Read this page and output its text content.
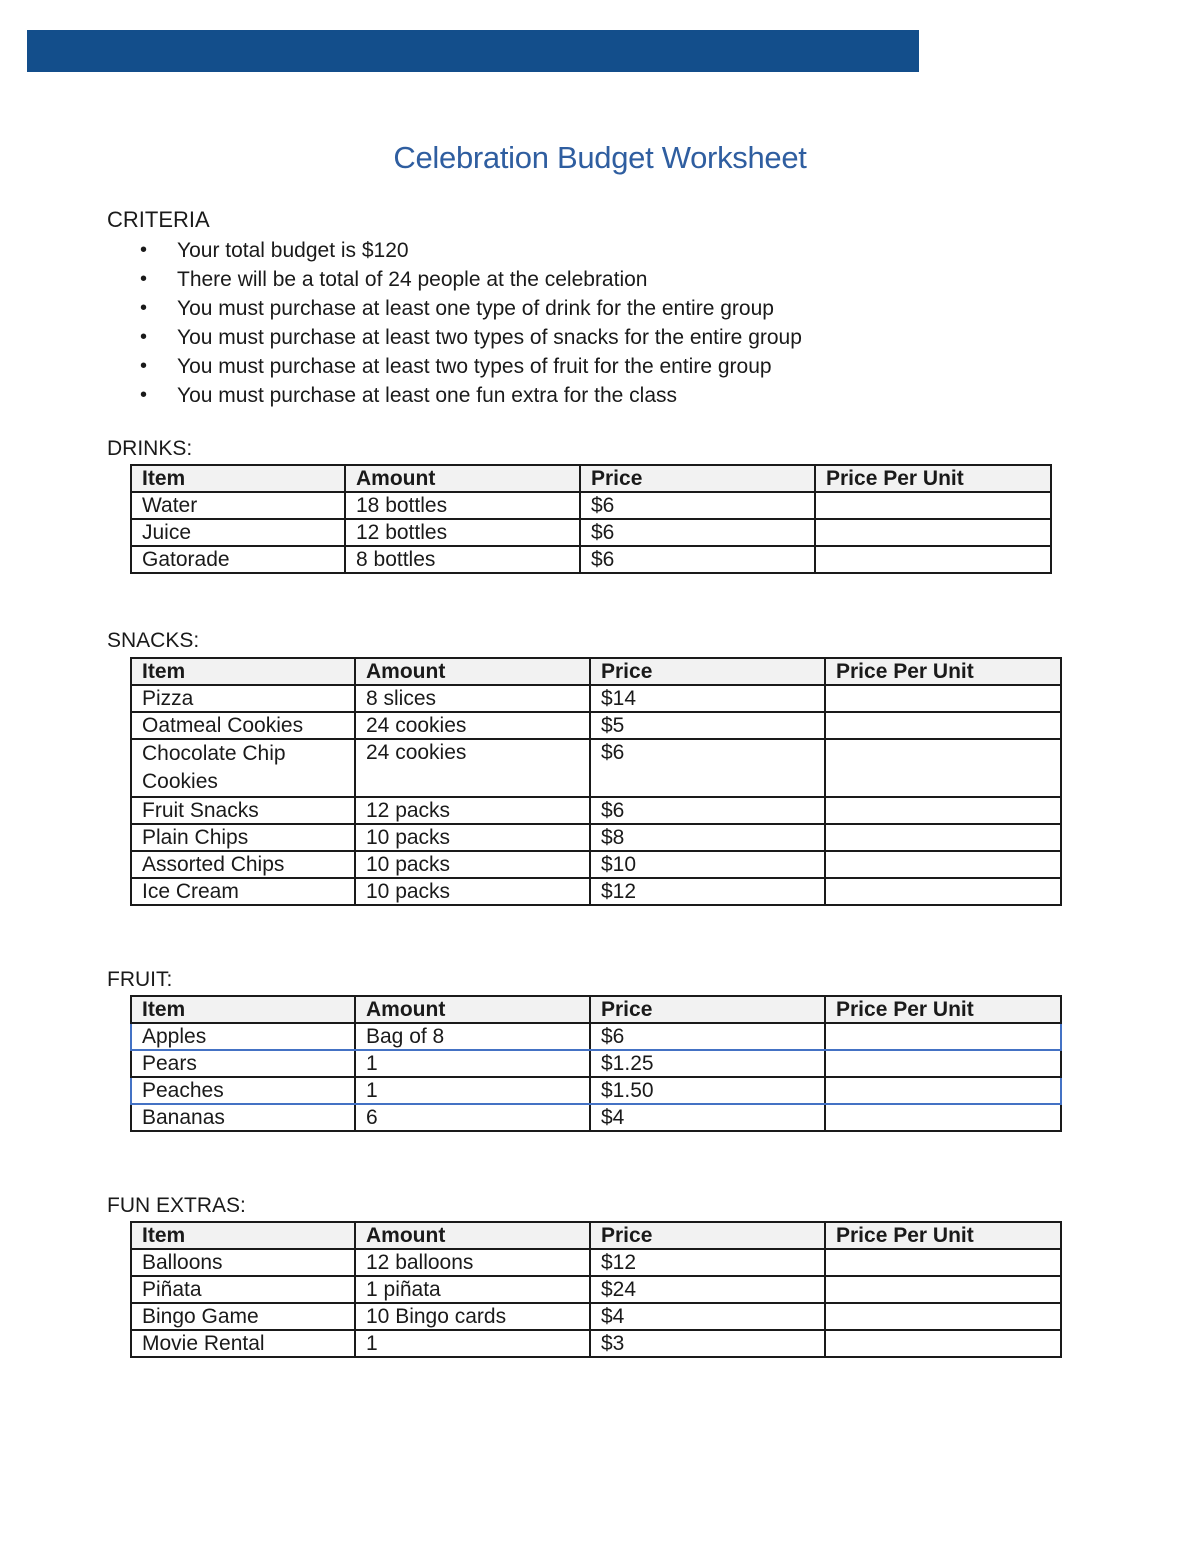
Celebration Budget Worksheet
CRITERIA
• Your total budget is $120
• There will be a total of 24 people at the celebration
• You must purchase at least one type of drink for the entire group
• You must purchase at least two types of snacks for the entire group
• You must purchase at least two types of fruit for the entire group
• You must purchase at least one fun extra for the class
DRINKS:
Item	Amount	Price	Price Per Unit
Water	18 bottles	$6	
Juice	12 bottles	$6	
Gatorade	8 bottles	$6	
SNACKS:
Item	Amount	Price	Price Per Unit
Pizza	8 slices	$14	
Oatmeal Cookies	24 cookies	$5	
Chocolate Chip Cookies	24 cookies	$6	
Fruit Snacks	12 packs	$6	
Plain Chips	10 packs	$8	
Assorted Chips	10 packs	$10	
Ice Cream	10 packs	$12	
FRUIT:
Item	Amount	Price	Price Per Unit
Apples	Bag of 8	$6	
Pears	1	$1.25	
Peaches	1	$1.50	
Bananas	6	$4	
FUN EXTRAS:
Item	Amount	Price	Price Per Unit
Balloons	12 balloons	$12	
Piñata	1 piñata	$24	
Bingo Game	10 Bingo cards	$4	
Movie Rental	1	$3	
